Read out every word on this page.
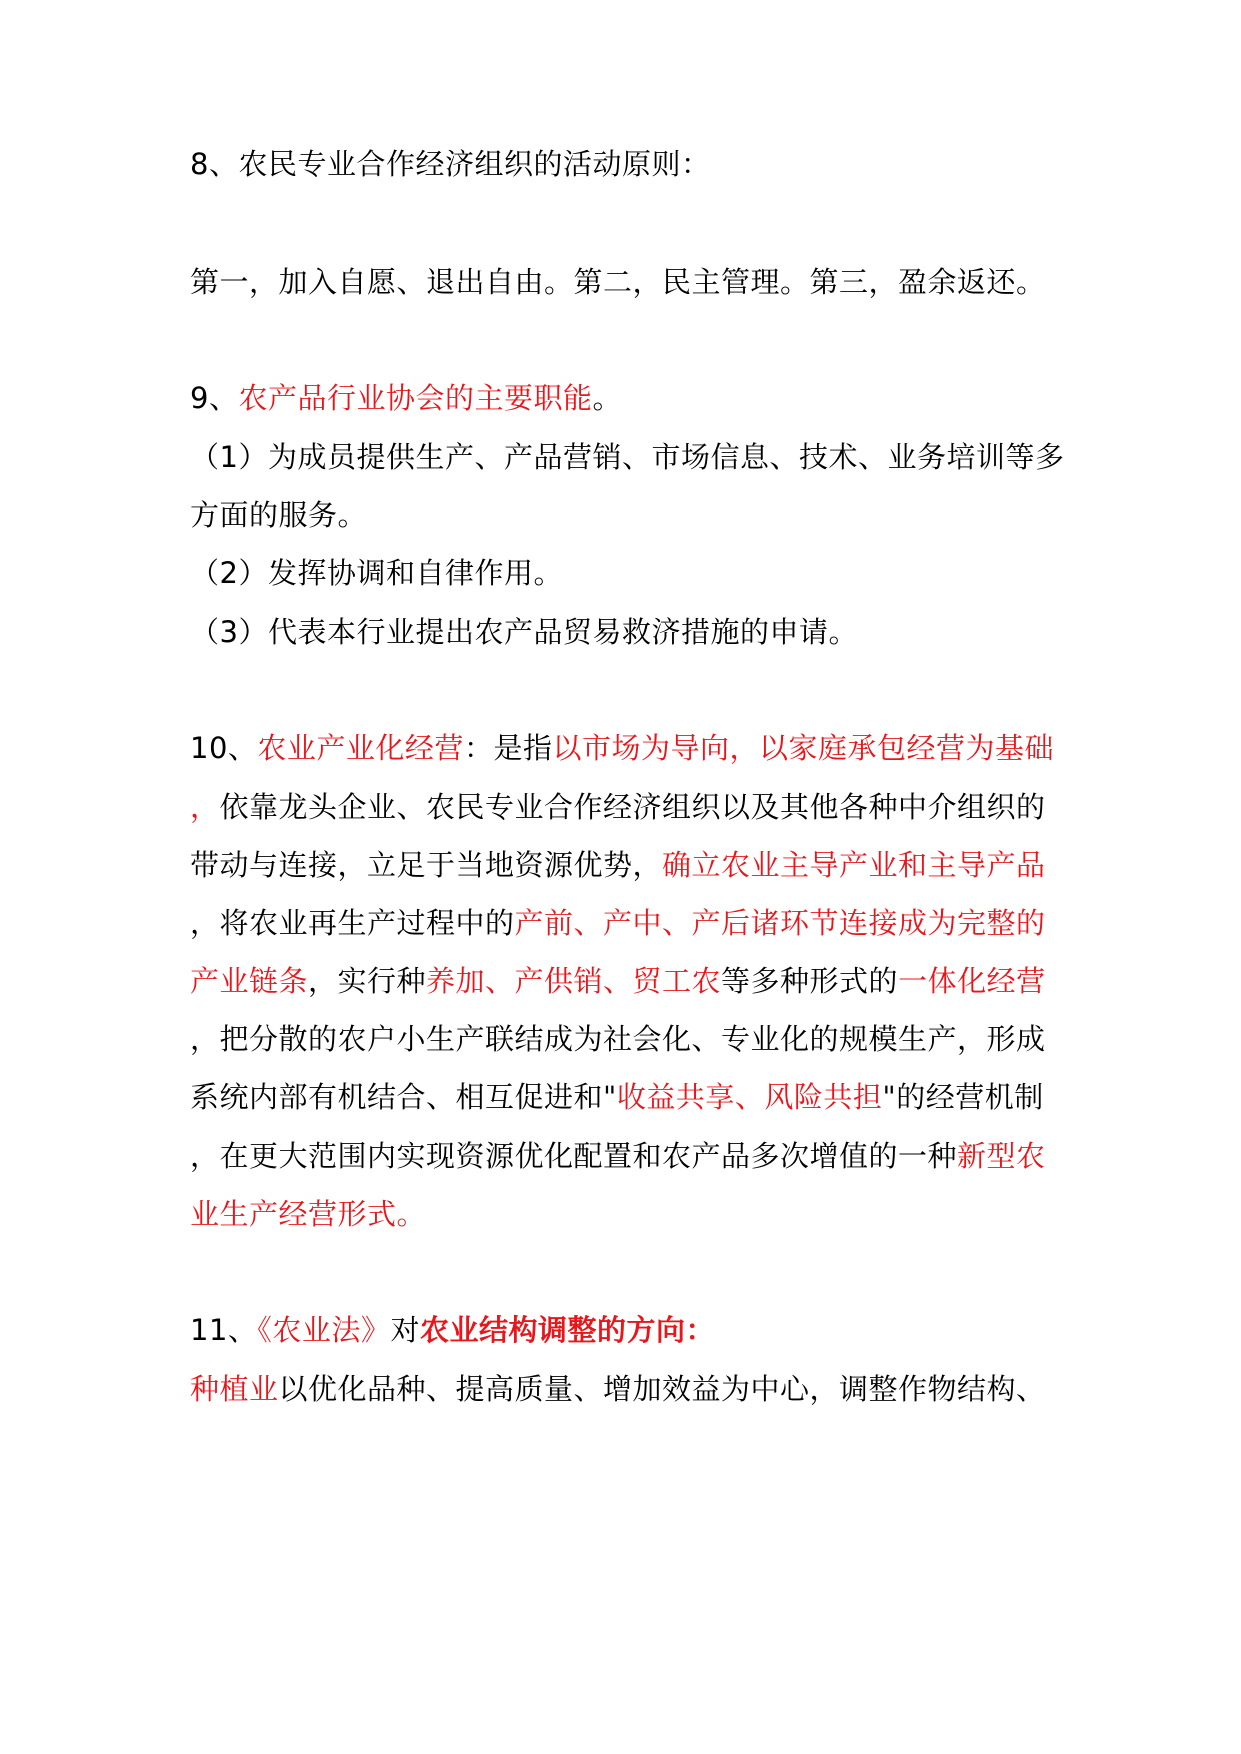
8、农民专业合作经济组织的活动原则：
第一，加入自愿、退出自由。第二，民主管理。第三，盈余返还。
9、农产品行业协会的主要职能。
（1）为成员提供生产、产品营销、市场信息、技术、业务培训等多
方面的服务。
（2）发挥协调和自律作用。
（3）代表本行业提出农产品贸易救济措施的申请。
10、农业产业化经营：是指以市场为导向，以家庭承包经营为基础
，依靠龙头企业、农民专业合作经济组织以及其他各种中介组织的
带动与连接，立足于当地资源优势，确立农业主导产业和主导产品
，将农业再生产过程中的产前、产中、产后诸环节连接成为完整的
产业链条，实行种养加、产供销、贸工农等多种形式的一体化经营
，把分散的农户小生产联结成为社会化、专业化的规模生产，形成
系统内部有机结合、相互促进和"收益共享、风险共担"的经营机制
，在更大范围内实现资源优化配置和农产品多次增值的一种新型农
业生产经营形式。
11、《农业法》对农业结构调整的方向：
种植业以优化品种、提高质量、增加效益为中心，调整作物结构、
